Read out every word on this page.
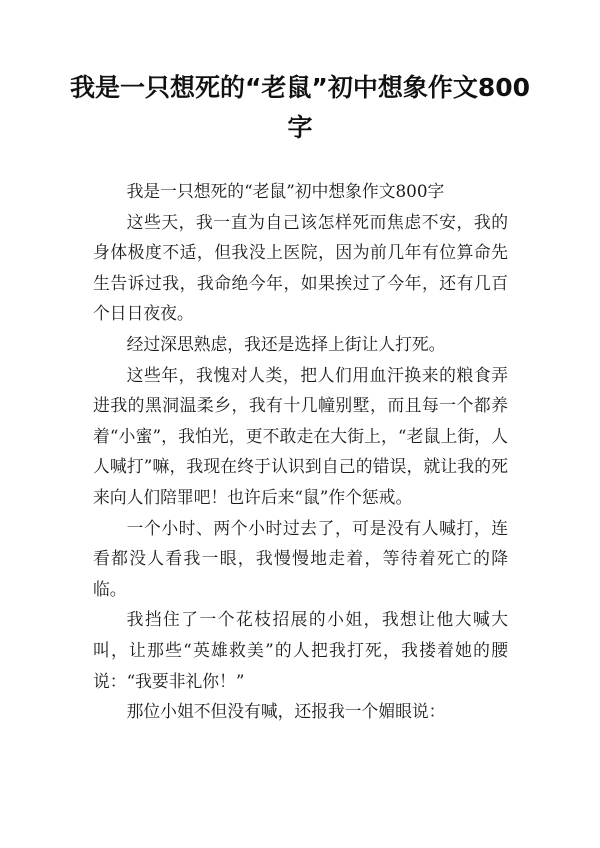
我是一只想死的“老鼠”初中想象作文800字

我是一只想死的“老鼠”初中想象作文800字

这些天，我一直为自己该怎样死而焦虑不安，我的身体极度不适，但我没上医院，因为前几年有位算命先生告诉过我，我命绝今年，如果挨过了今年，还有几百个日日夜夜。

经过深思熟虑，我还是选择上街让人打死。

这些年，我愧对人类，把人们用血汗换来的粮食弄进我的黑洞温柔乡，我有十几幢别墅，而且每一个都养着“小蜜”，我怕光，更不敢走在大街上，“老鼠上街，人人喊打”嘛，我现在终于认识到自己的错误，就让我的死来向人们陪罪吧！也许后来“鼠”作个惩戒。

一个小时、两个小时过去了，可是没有人喊打，连看都没人看我一眼，我慢慢地走着，等待着死亡的降临。

我挡住了一个花枝招展的小姐，我想让他大喊大叫，让那些“英雄救美”的人把我打死，我搂着她的腰说：“我要非礼你！”

那位小姐不但没有喊，还报我一个媚眼说：
